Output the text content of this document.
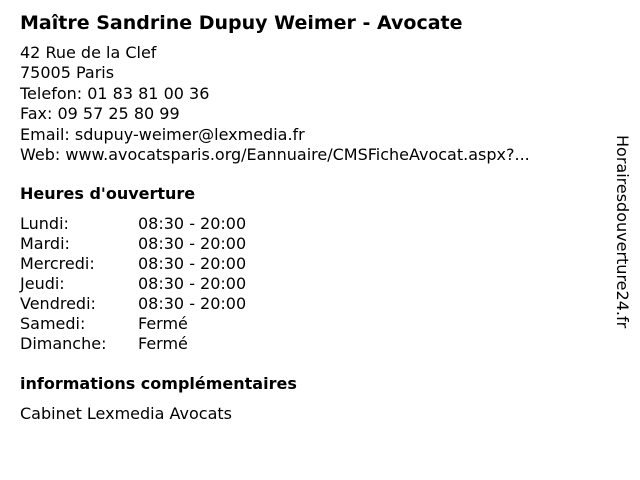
Maître Sandrine Dupuy Weimer - Avocate
42 Rue de la Clef
75005 Paris
Telefon: 01 83 81 00 36
Fax: 09 57 25 80 99
Email: sdupuy-weimer@lexmedia.fr
Web: www.avocatsparis.org/Eannuaire/CMSFicheAvocat.aspx?...
Heures d'ouverture
Lundi:	08:30 - 20:00
Mardi:	08:30 - 20:00
Mercredi:	08:30 - 20:00
Jeudi:	08:30 - 20:00
Vendredi:	08:30 - 20:00
Samedi:	Fermé
Dimanche: Fermé
informations complémentaires
Cabinet Lexmedia Avocats
Horairesdouverture24.fr
